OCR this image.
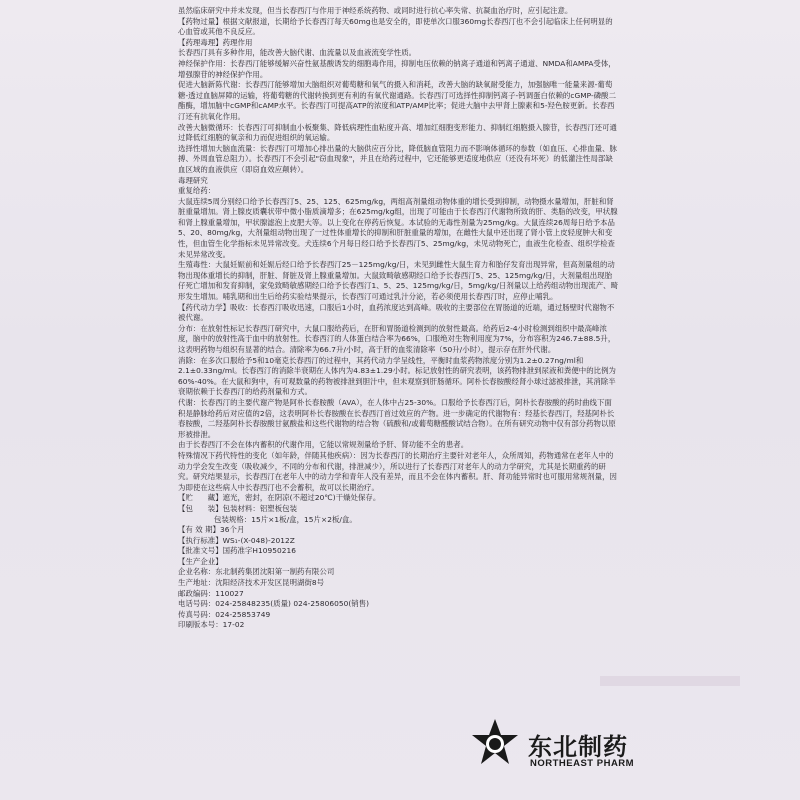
虽然临床研究中并未发现，但当长春西汀与作用于神经系统药物、或同时进行抗心率失常、抗凝血治疗时，应引起注意。

【药物过量】根据文献报道，长期给予长春西汀每天60mg也是安全的，即使单次口服360mg长春西汀也不会引起临床上任何明显的心血管或其他不良反应。

【药理毒理】药理作用

长春西汀具有多种作用，能改善大脑代谢、血流量以及血液流变学性质。

神经保护作用：长春西汀能够缓解兴奋性氨基酸诱发的细胞毒作用，抑制电压依赖的钠离子通道和钙离子通道、NMDA和AMPA受体，增强腺苷的神经保护作用。

促进大脑新陈代谢：长春西汀能够增加大脑组织对葡萄糖和氧气的摄入和消耗，改善大脑的缺氧耐受能力，加强脑唯一能量来源-葡萄糖-透过血脑屏障的运输，将葡萄糖的代谢转换到更有利的有氧代谢通路。长春西汀可选择性抑制钙离子-钙调蛋白依赖的cGMP-磷酸二酯酶，增加脑中cGMP和cAMP水平。长春西汀可提高ATP的浓度和ATP/AMP比率；促进大脑中去甲肾上腺素和5-羟色胺更新。长春西汀还有抗氧化作用。

改善大脑微循环：长春西汀可抑制血小板聚集、降低病理性血粘度升高、增加红细胞变形能力、抑制红细胞摄入腺苷，长春西汀还可通过降低红细胞的氧亲和力而促进组织的氧运输。

选择性增加大脑血流量：长春西汀可增加心排出量的大脑供应百分比，降低脑血管阻力而不影响体循环的参数（如血压、心排血量、脉搏、外周血管总阻力）。长春西汀不会引起"窃血现象"，并且在给药过程中，它还能够更适度地供应（还没有坏死）的低灌注性局部缺血区域的血液供应（即窃血效应颠转）。

毒理研究

重复给药：

大鼠连续5周分别经口给予长春西汀5、25、125、625mg/kg，两组高剂量组动物体重的增长受到抑制，动物摄水量增加，肝脏和肾脏重量增加。肾上腺皮质囊状带中微小脂质滴增多；在625mg/kg组，出现了可能由于长春西汀代谢物所致的肝、类脂的改变，甲状腺和肾上腺重量增加，甲状腺滤泡上皮肥大等。以上变化在停药后恢复。本试验的无毒性剂量为25mg/kg。大鼠连续26周每日给予本品5、20、80mg/kg，大剂量组动物出现了一过性体重增长的抑制和肝脏重量的增加，在雌性大鼠中还出现了肾小管上皮轻度肿大和变性，但血管生化学指标未见异常改变。犬连续6个月每日经口给予长春西汀5、25mg/kg，未见动物死亡，血液生化检查、组织学检查未见异常改变。

生殖毒性：大鼠妊娠前和妊娠后经口给予长春西汀25－125mg/kg/日，未见到雌性大鼠生育力和胎仔发育出现异常，但高剂量组的动物出现体重增长的抑制，肝脏、肾脏及肾上腺重量增加。大鼠致畸敏感期经口给予长春西汀5、25、125mg/kg/日，大剂量组出现胎仔死亡增加和发育抑制，家兔致畸敏感期经口给予长春西汀1、5、25、125mg/kg/日，5mg/kg/日剂量以上给药组动物出现流产、畸形发生增加。哺乳期和出生后给药实验结果提示，长春西汀可通过乳汁分泌，若必须使用长春西汀时，应停止哺乳。

【药代动力学】吸收：长春西汀吸收迅速，口服后1小时，血药浓度达到高峰。吸收的主要部位在胃肠道的近端，通过肠壁时代谢物不被代谢。

分布：在放射性标记长春西汀研究中，大鼠口服给药后，在肝和胃肠道检测到的放射性最高。给药后2-4小时检测到组织中最高峰浓度，脑中的放射性高于血中的放射性。长春西汀的人体蛋白结合率为66%，口服绝对生物利用度为7%，分布容积为246.7±88.5升，这表明药物与组织有显著的结合。清除率为66.7升/小时，高于肝的血浆清除率（50升/小时），提示存在肝外代谢。

消除：在多次口服给予5和10毫克长春西汀的过程中，其药代动力学呈线性，平衡时血浆药物浓度分别为1.2±0.27ng/ml和2.1±0.33ng/ml。长春西汀的消除半衰期在人体内为4.83±1.29小时。标记放射性的研究表明，该药物排泄到尿液和粪便中的比例为60%-40%。在大鼠和狗中，有可观数量的药物被排泄到胆汁中，但未观察到肝肠循环。阿朴长春胺酸经肾小球过滤被排泄，其消除半衰期依赖于长春西汀的给药剂量和方式。

代谢：长春西汀的主要代谢产物是阿朴长春胺酸（AVA），在人体中占25-30%。口服给予长春西汀后，阿朴长春胺酸的药时曲线下面积是静脉给药后对应值的2倍，这表明阿朴长春胺酸在长春西汀首过效应的产物。进一步确定的代谢物有：羟基长春西汀，羟基阿朴长春胺酸，二羟基阿朴长春胺酸甘氨酸盐和这些代谢物的结合物（硫酸和/或葡萄糖醛酸试结合物）。在所有研究动物中仅有部分药物以原形被排泄。

由于长春西汀不会在体内蓄积的代谢作用，它能以常规剂量给予肝、肾功能不全的患者。

特殊情况下药代特性的变化（如年龄，伴随其他疾病）：因为长春西汀的长期治疗主要针对老年人，众所周知，药物通常在老年人中的动力学会发生改变（吸收减少，不同的分布和代谢，排泄减少），所以进行了长春西汀对老年人的动力学研究，尤其是长期重药的研究。研究结果显示，长春西汀在老年人中的动力学和青年人没有差异，而且不会在体内蓄积。肝、肾功能异常时也可服用常规剂量，因为即使在这些病人中长春西汀也不会蓄积，故可以长期治疗。

【贮　　藏】遮光，密封，在阴凉(不超过20℃)干燥处保存。

【包　　装】包装材料：铝塑板包装

包装规格：15片×1板/盒，15片×2板/盒。

【有 效 期】36个月

【执行标准】WS₁-(X-048)-2012Z

【批准文号】国药准字H10950216

【生产企业】

企业名称：东北制药集团沈阳第一制药有限公司

生产地址：沈阳经济技术开发区昆明湖街8号

邮政编码：110027

电话号码：024-25848235(质量) 024-25806050(销售)

传真号码：024-25853749

印刷版本号：17-02

东北制药
NORTHEAST PHARM
